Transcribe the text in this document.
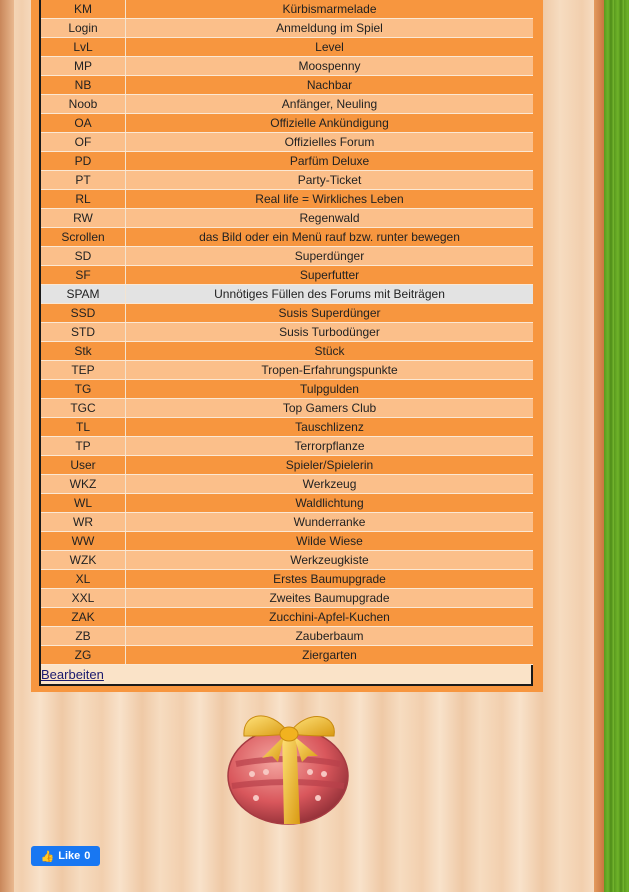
KM	Kürbismarmelade
Login	Anmeldung im Spiel
LvL	Level
MP	Moospenny
NB	Nachbar
Noob	Anfänger, Neuling
OA	Offizielle Ankündigung
OF	Offizielles Forum
PD	Parfüm Deluxe
PT	Party-Ticket
RL	Real life = Wirkliches Leben
RW	Regenwald
Scrollen	das Bild oder ein Menü rauf bzw. runter bewegen
SD	Superdünger
SF	Superfutter
SPAM	Unnötiges Füllen des Forums mit Beiträgen
SSD	Susis Superdünger
STD	Susis Turbodünger
Stk	Stück
TEP	Tropen-Erfahrungspunkte
TG	Tulpgulden
TGC	Top Gamers Club
TL	Tauschlizenz
TP	Terrorpflanze
User	Spieler/Spielerin
WKZ	Werkzeug
WL	Waldlichtung
WR	Wunderranke
WW	Wilde Wiese
WZK	Werkzeugkiste
XL	Erstes Baumupgrade
XXL	Zweites Baumupgrade
ZAK	Zucchini-Apfel-Kuchen
ZB	Zauberbaum
ZG	Ziergarten
Bearbeiten
👍 Like 0
